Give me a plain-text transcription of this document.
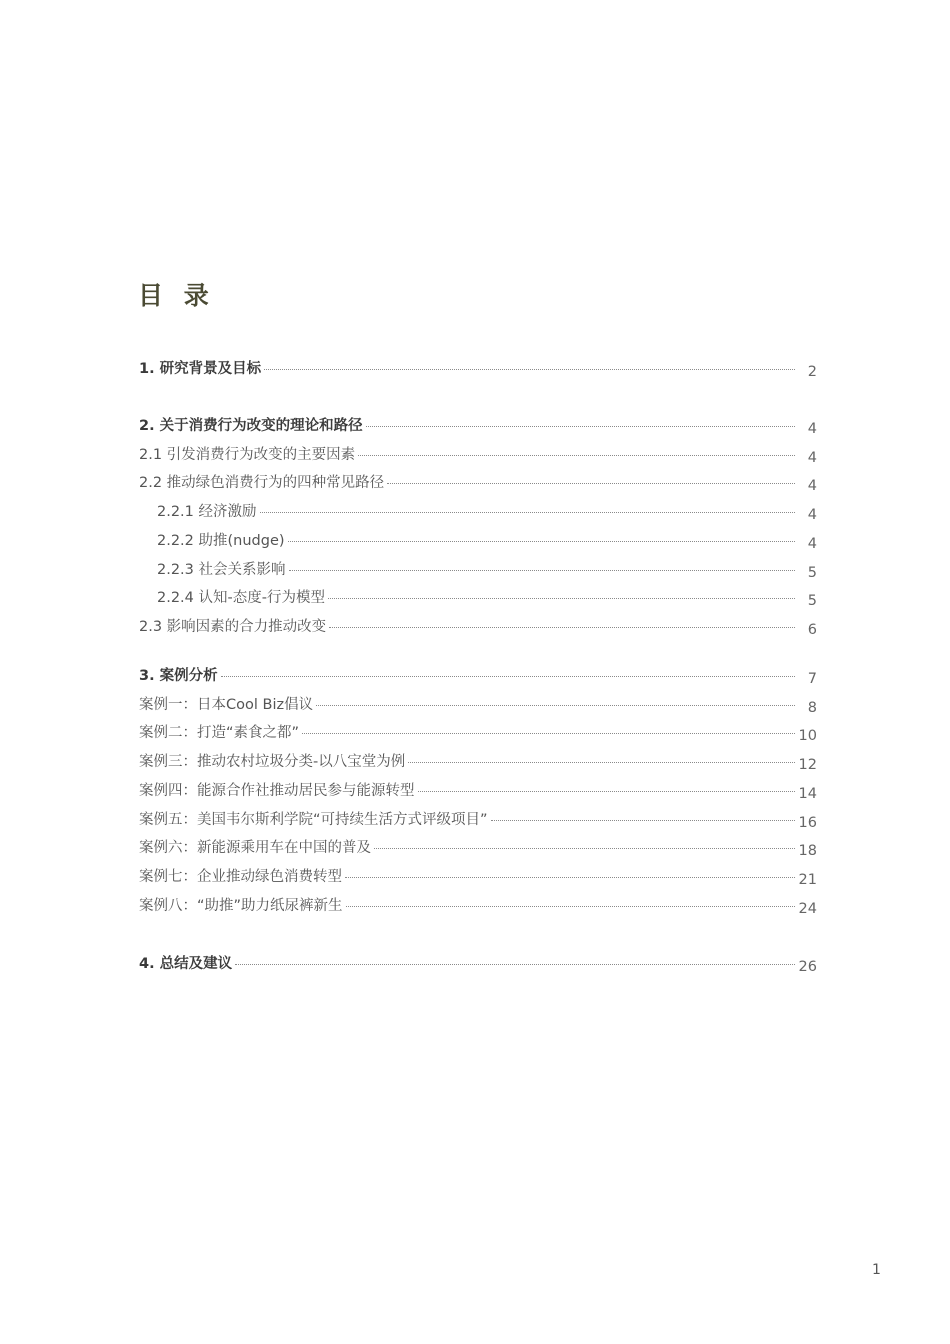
目 录
1. 研究背景及目标	2
2. 关于消费行为改变的理论和路径	4
2.1 引发消费行为改变的主要因素	4
2.2 推动绿色消费行为的四种常见路径	4
2.2.1 经济激励	4
2.2.2 助推(nudge)	4
2.2.3 社会关系影响	5
2.2.4 认知-态度-行为模型	5
2.3 影响因素的合力推动改变	6
3. 案例分析	7
案例一：日本Cool Biz倡议	8
案例二：打造“素食之都”	10
案例三：推动农村垃圾分类-以八宝堂为例	12
案例四：能源合作社推动居民参与能源转型	14
案例五：美国韦尔斯利学院“可持续生活方式评级项目”	16
案例六：新能源乘用车在中国的普及	18
案例七：企业推动绿色消费转型	21
案例八：“助推”助力纸尿裤新生	24
4. 总结及建议	26
1
